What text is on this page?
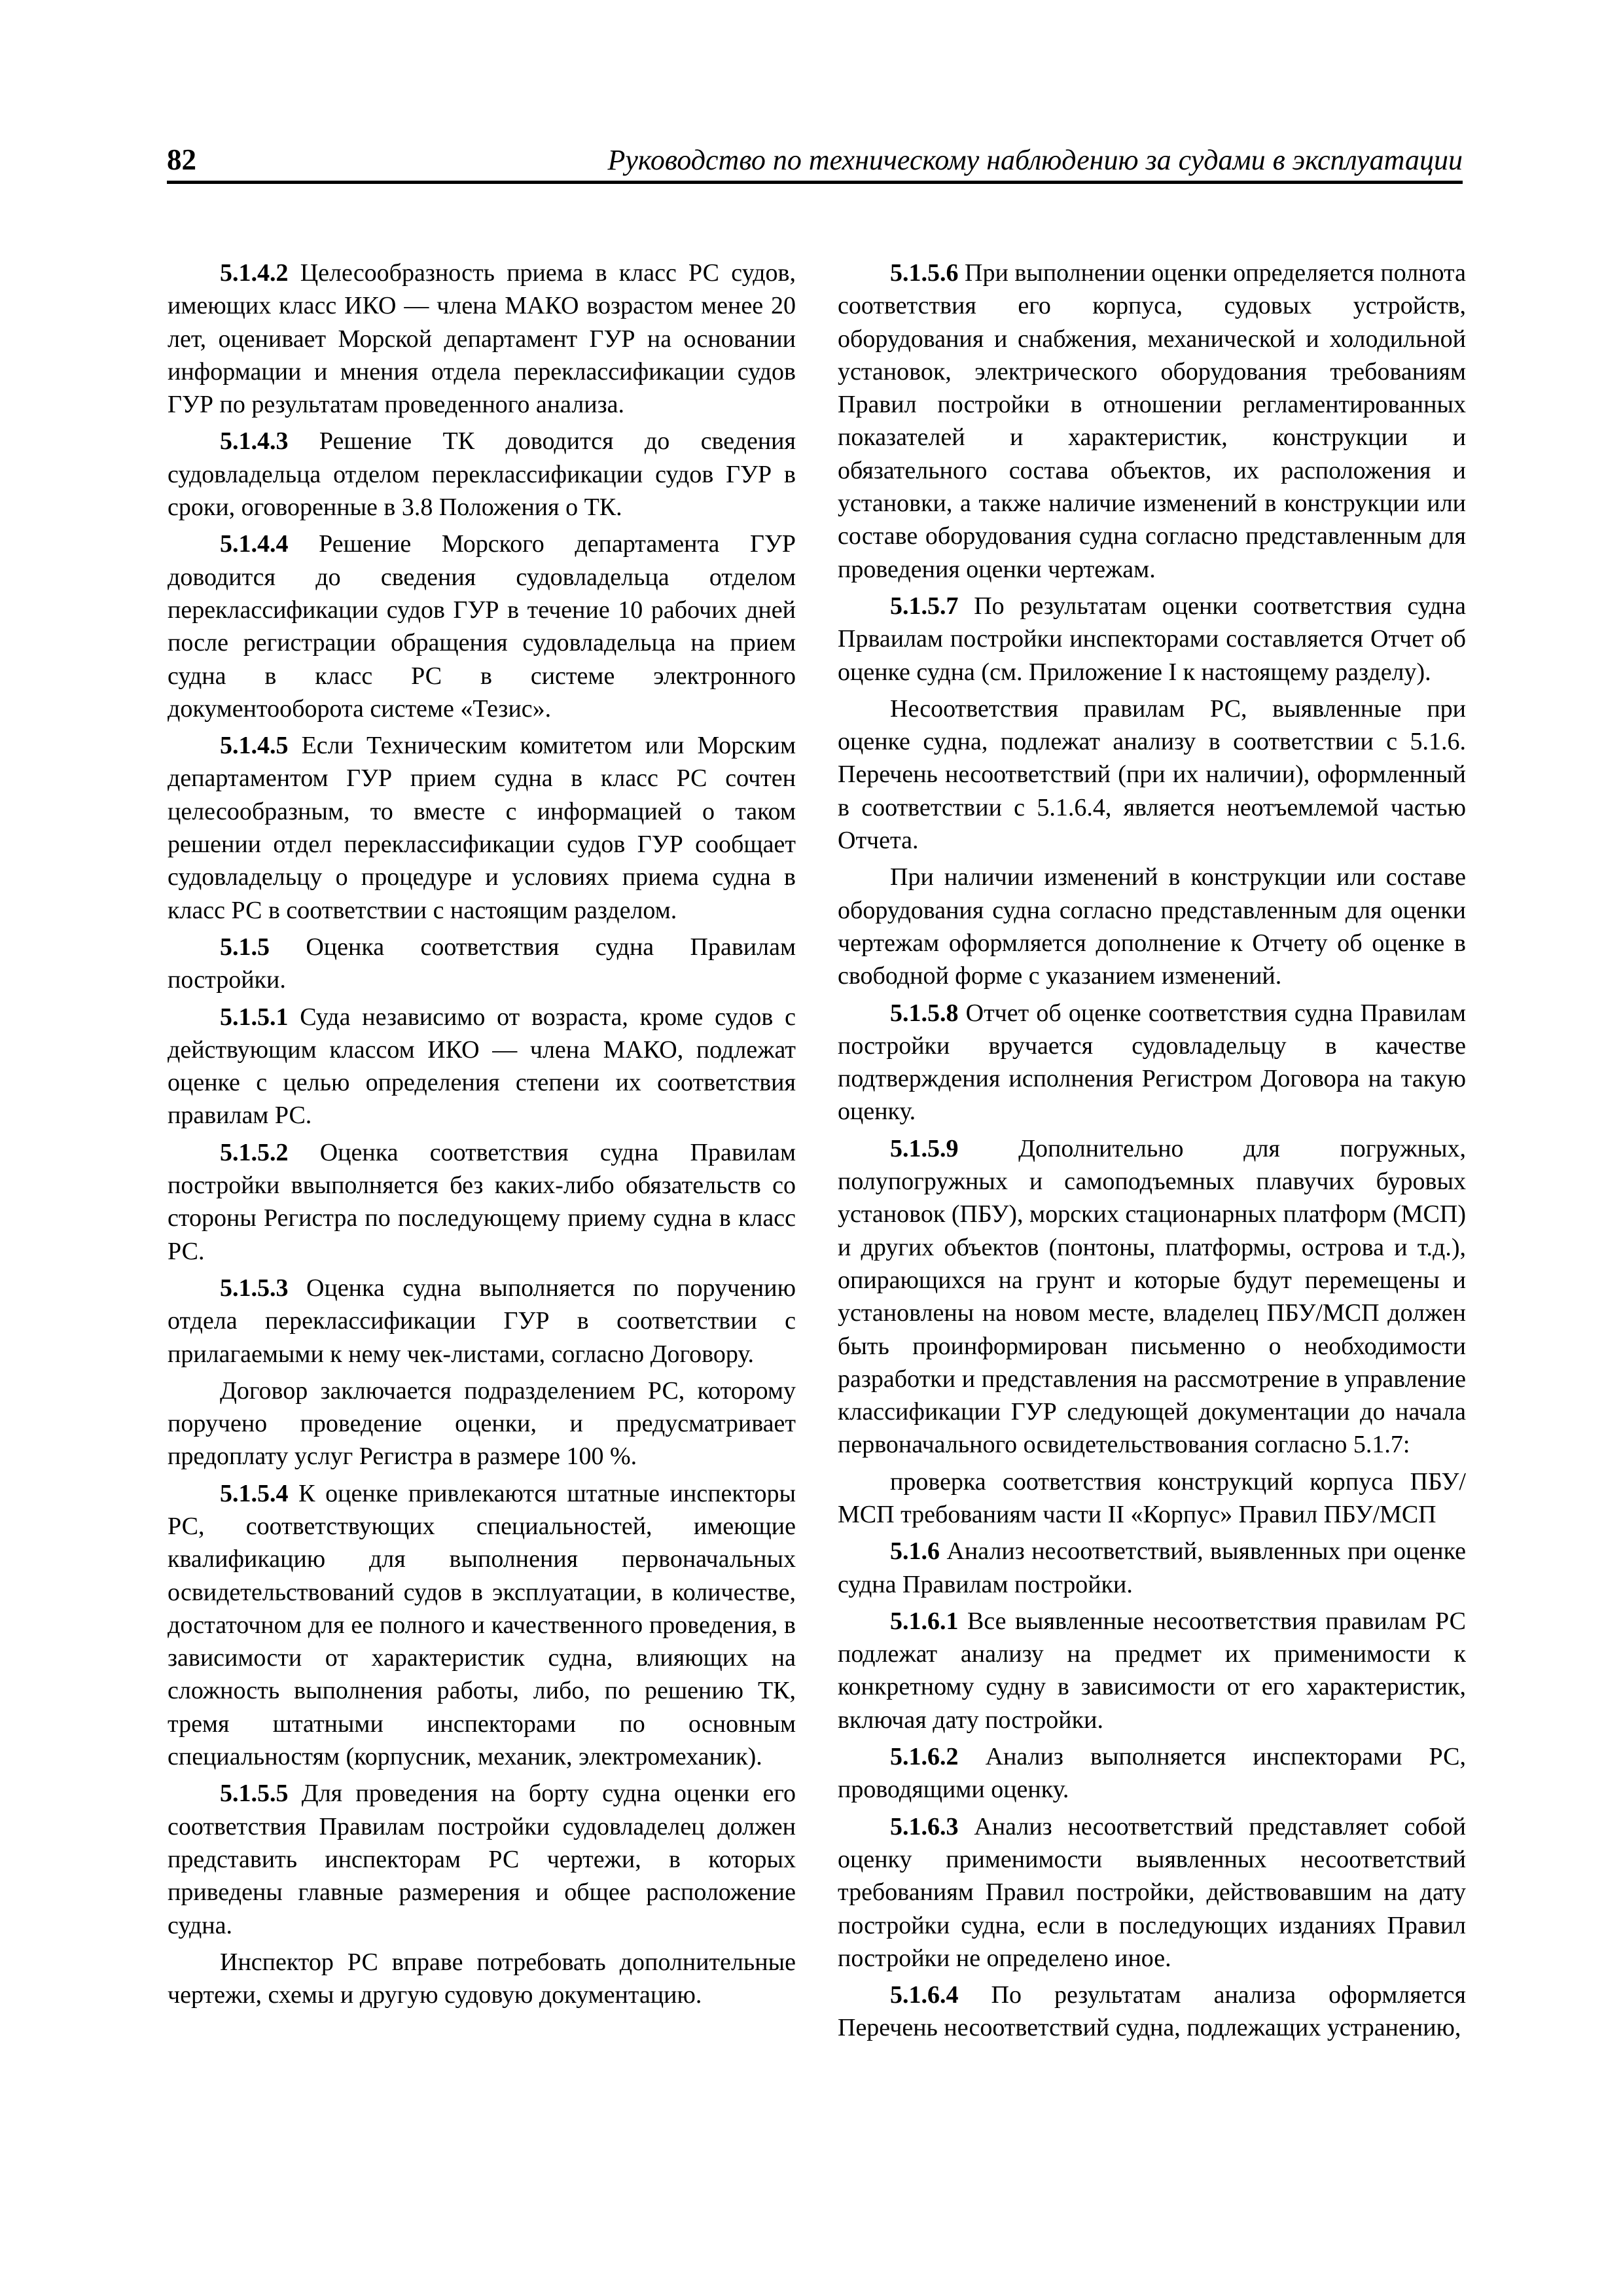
82	Руководство по техническому наблюдению за судами в эксплуатации

5.1.4.2 Целесообразность приема в класс РС судов, имеющих класс ИКО — члена МАКО возрастом менее 20 лет, оценивает Морской департамент ГУР на основании информации и мнения отдела переклассификации судов ГУР по результатам проведенного анализа.

5.1.4.3 Решение ТК доводится до сведения судовладельца отделом переклассификации судов ГУР в сроки, оговоренные в 3.8 Положения о ТК.

5.1.4.4 Решение Морского департамента ГУР доводится до сведения судовладельца отделом переклассификации судов ГУР в течение 10 рабочих дней после регистрации обращения судовладельца на прием судна в класс РС в системе электронного документооборота системе «Тезис».

5.1.4.5 Если Техническим комитетом или Морским департаментом ГУР прием судна в класс РС сочтен целесообразным, то вместе с информацией о таком решении отдел переклассификации судов ГУР сообщает судовладельцу о процедуре и условиях приема судна в класс РС в соответствии с настоящим разделом.

5.1.5 Оценка соответствия судна Правилам постройки.

5.1.5.1 Суда независимо от возраста, кроме судов с действующим классом ИКО — члена МАКО, подлежат оценке с целью определения степени их соответствия правилам РС.

5.1.5.2 Оценка соответствия судна Правилам постройки ввыполняется без каких-либо обязательств со стороны Регистра по последующему приему судна в класс РС.

5.1.5.3 Оценка судна выполняется по поручению отдела переклассификации ГУР в соответствии с прилагаемыми к нему чек-листами, согласно Договору.

Договор заключается подразделением РС, которому поручено проведение оценки, и предусматривает предоплату услуг Регистра в размере 100 %.

5.1.5.4 К оценке привлекаются штатные инспекторы РС, соответствующих специальностей, имеющие квалификацию для выполнения первоначальных освидетельствований судов в эксплуатации, в количестве, достаточном для ее полного и качественного проведения, в зависимости от характеристик судна, влияющих на сложность выполнения работы, либо, по решению ТК, тремя штатными инспекторами по основным специальностям (корпусник, механик, электромеханик).

5.1.5.5 Для проведения на борту судна оценки его соответствия Правилам постройки судовладелец должен представить инспекторам РС чертежи, в которых приведены главные размерения и общее расположение судна.

Инспектор РС вправе потребовать дополнительные чертежи, схемы и другую судовую документацию.

5.1.5.6 При выполнении оценки определяется полнота соответствия его корпуса, судовых устройств, оборудования и снабжения, механической и холодильной установок, электрического оборудования требованиям Правил постройки в отношении регламентированных показателей и характеристик, конструкции и обязательного состава объектов, их расположения и установки, а также наличие изменений в конструкции или составе оборудования судна согласно представленным для проведения оценки чертежам.

5.1.5.7 По результатам оценки соответствия судна Прваилам постройки инспекторами составляется Отчет об оценке судна (см. Приложение I к настоящему разделу).

Несоответствия правилам РС, выявленные при оценке судна, подлежат анализу в соответствии с 5.1.6. Перечень несоответствий (при их наличии), оформленный в соответствии с 5.1.6.4, является неотъемлемой частью Отчета.

При наличии изменений в конструкции или составе оборудования судна согласно представленным для оценки чертежам оформляется дополнение к Отчету об оценке в свободной форме с указанием изменений.

5.1.5.8 Отчет об оценке соответствия судна Правилам постройки вручается судовладельцу в качестве подтверждения исполнения Регистром Договора на такую оценку.

5.1.5.9 Дополнительно для погружных, полупогружных и самоподъемных плавучих буровых установок (ПБУ), морских стационарных платформ (МСП) и других объектов (понтоны, платформы, острова и т.д.), опирающихся на грунт и которые будут перемещены и установлены на новом месте, владелец ПБУ/МСП должен быть проинформирован письменно о необходимости разработки и представления на рассмотрение в управление классификации ГУР следующей документации до начала первоначального освидетельствования согласно 5.1.7:

проверка соответствия конструкций корпуса ПБУ/МСП требованиям части II «Корпус» Правил ПБУ/МСП

5.1.6 Анализ несоответствий, выявленных при оценке судна Правилам постройки.

5.1.6.1 Все выявленные несоответствия правилам РС подлежат анализу на предмет их применимости к конкретному судну в зависимости от его характеристик, включая дату постройки.

5.1.6.2 Анализ выполняется инспекторами РС, проводящими оценку.

5.1.6.3 Анализ несоответствий представляет собой оценку применимости выявленных несоответствий требованиям Правил постройки, действовавшим на дату постройки судна, если в последующих изданиях Правил постройки не определено иное.

5.1.6.4 По результатам анализа оформляется Перечень несоответствий судна, подлежащих устранению,
